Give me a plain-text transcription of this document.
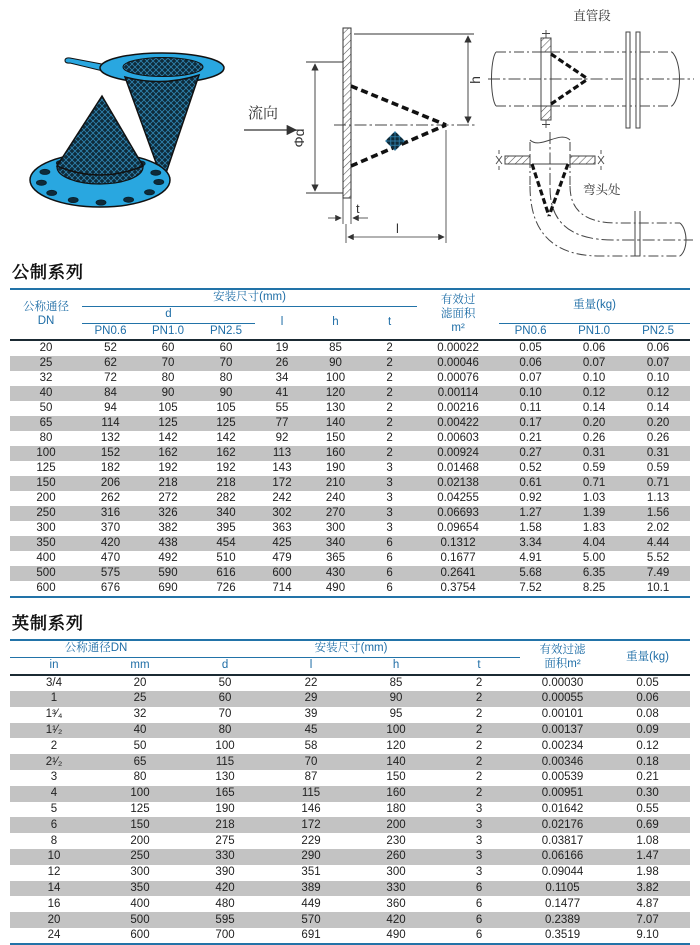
流向
Φd
h
t
l
直管段
弯头处
公制系列
公称通径
DN	安装尺寸(mm)						有效过
滤面积
m²	重量(kg)		
	d			l	h	t				
	PN0.6	PN1.0	PN2.5					PN0.6	PN1.0	PN2.5
20	52	60	60	19	85	2	0.00022	0.05	0.06	0.06
25	62	70	70	26	90	2	0.00046	0.06	0.07	0.07
32	72	80	80	34	100	2	0.00076	0.07	0.10	0.10
40	84	90	90	41	120	2	0.00114	0.10	0.12	0.12
50	94	105	105	55	130	2	0.00216	0.11	0.14	0.14
65	114	125	125	77	140	2	0.00422	0.17	0.20	0.20
80	132	142	142	92	150	2	0.00603	0.21	0.26	0.26
100	152	162	162	113	160	2	0.00924	0.27	0.31	0.31
125	182	192	192	143	190	3	0.01468	0.52	0.59	0.59
150	206	218	218	172	210	3	0.02138	0.61	0.71	0.71
200	262	272	282	242	240	3	0.04255	0.92	1.03	1.13
250	316	326	340	302	270	3	0.06693	1.27	1.39	1.56
300	370	382	395	363	300	3	0.09654	1.58	1.83	2.02
350	420	438	454	425	340	6	0.1312	3.34	4.04	4.44
400	470	492	510	479	365	6	0.1677	4.91	5.00	5.52
500	575	590	616	600	430	6	0.2641	5.68	6.35	7.49
600	676	690	726	714	490	6	0.3754	7.52	8.25	10.1
英制系列
公称通径DN		安装尺寸(mm)				有效过滤
面积m²	重量(kg)
in	mm	d	l	h	t		
3/4	20	50	22	85	2	0.00030	0.05
1	25	60	29	90	2	0.00055	0.06
1³⁄₄	32	70	39	95	2	0.00101	0.08
1¹⁄₂	40	80	45	100	2	0.00137	0.09
2	50	100	58	120	2	0.00234	0.12
2¹⁄₂	65	115	70	140	2	0.00346	0.18
3	80	130	87	150	2	0.00539	0.21
4	100	165	115	160	2	0.00951	0.30
5	125	190	146	180	3	0.01642	0.55
6	150	218	172	200	3	0.02176	0.69
8	200	275	229	230	3	0.03817	1.08
10	250	330	290	260	3	0.06166	1.47
12	300	390	351	300	3	0.09044	1.98
14	350	420	389	330	6	0.1105	3.82
16	400	480	449	360	6	0.1477	4.87
20	500	595	570	420	6	0.2389	7.07
24	600	700	691	490	6	0.3519	9.10
